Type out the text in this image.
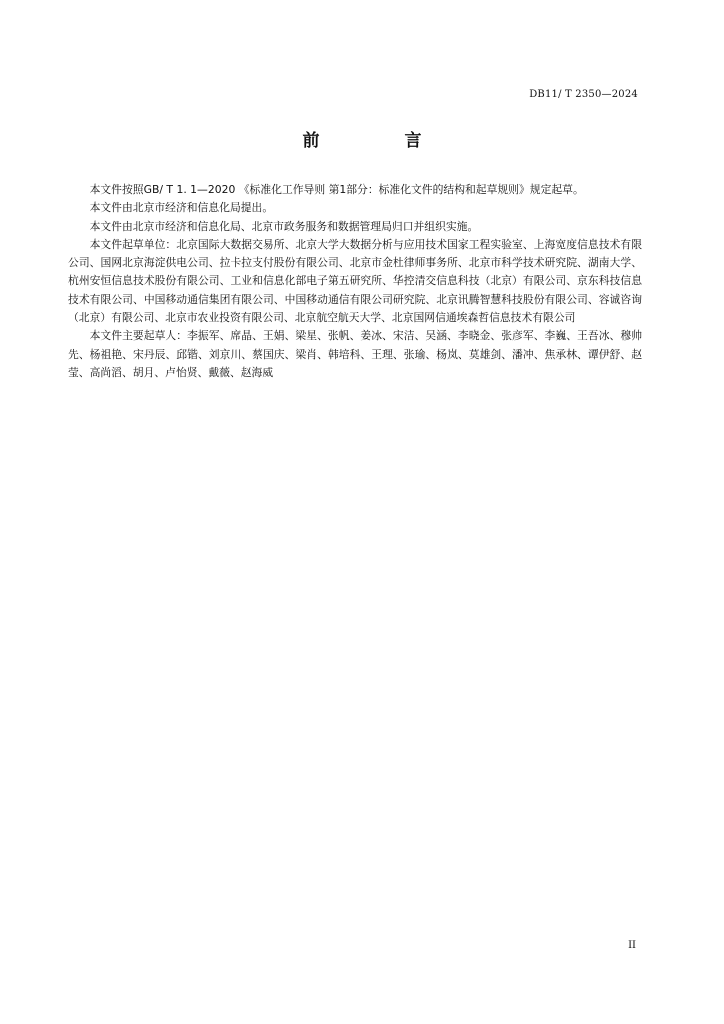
DB11/ T 2350—2024
前　言

本文件按照GB/ T 1. 1—2020 《标准化工作导则 第1部分：标准化文件的结构和起草规则》规定起草。

本文件由北京市经济和信息化局提出。

本文件由北京市经济和信息化局、北京市政务服务和数据管理局归口并组织实施。

本文件起草单位：北京国际大数据交易所、北京大学大数据分析与应用技术国家工程实验室、上海宽度信息技术有限公司、国网北京海淀供电公司、拉卡拉支付股份有限公司、北京市金杜律师事务所、北京市科学技术研究院、湖南大学、杭州安恒信息技术股份有限公司、工业和信息化部电子第五研究所、华控清交信息科技（北京）有限公司、京东科技信息技术有限公司、中国移动通信集团有限公司、中国移动通信有限公司研究院、北京讯腾智慧科技股份有限公司、容诚咨询（北京）有限公司、北京市农业投资有限公司、北京航空航天大学、北京国网信通埃森哲信息技术有限公司

本文件主要起草人：李振军、席晶、王娟、梁星、张帆、姜冰、宋洁、吴涵、李晓金、张彦军、李巍、王吾冰、穆帅先、杨祖艳、宋丹辰、邱锴、刘京川、蔡国庆、梁肖、韩培科、王理、张瑜、杨岚、莫雄剑、潘冲、焦承林、谭伊舒、赵莹、高尚滔、胡月、卢怡贤、戴薇、赵海威

II
